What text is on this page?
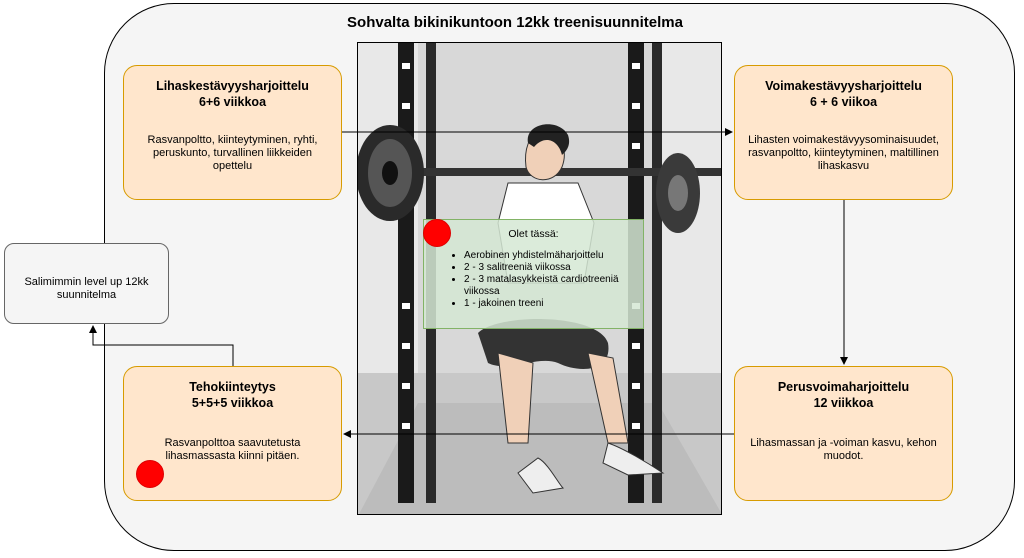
Sohvalta bikinikuntoon 12kk treenisuunnitelma
Lihaskestävyysharjoittelu
6+6 viikkoa
Rasvanpoltto, kiinteytyminen, ryhti, peruskunto, turvallinen liikkeiden opettelu
Voimakestävyysharjoittelu
6 + 6 viikoa
Lihasten voimakestävyysominaisuudet, rasvanpoltto, kiinteytyminen, maltillinen lihaskasvu
Perusvoimaharjoittelu
12 viikkoa
Lihasmassan ja -voiman kasvu, kehon muodot.
Tehokiinteytys
5+5+5 viikkoa
Rasvanpolttoa saavutetusta lihasmassasta kiinni pitäen.
Salimimmin level up 12kk suunnitelma
Olet tässä:
• Aerobinen yhdistelmäharjoittelu
• 2 - 3 salitreeniä viikossa
• 2 - 3 matalasykkeistä cardiotreeniä viikossa
• 1 - jakoinen treeni
